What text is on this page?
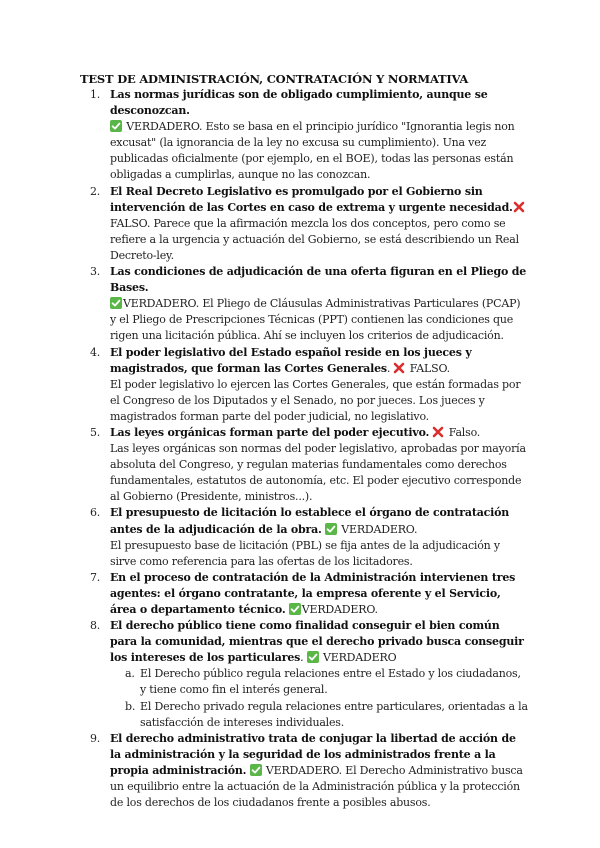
TEST DE ADMINISTRACIÓN, CONTRATACIÓN Y NORMATIVA
1. Las normas jurídicas son de obligado cumplimiento, aunque se desconozcan.
VERDADERO. Esto se basa en el principio jurídico "Ignorantia legis non excusat" (la ignorancia de la ley no excusa su cumplimiento). Una vez publicadas oficialmente (por ejemplo, en el BOE), todas las personas están obligadas a cumplirlas, aunque no las conozcan.
2. El Real Decreto Legislativo es promulgado por el Gobierno sin intervención de las Cortes en caso de extrema y urgente necesidad. FALSO. Parece que la afirmación mezcla los dos conceptos, pero como se refiere a la urgencia y actuación del Gobierno, se está describiendo un Real Decreto-ley.
3. Las condiciones de adjudicación de una oferta figuran en el Pliego de Bases.
VERDADERO. El Pliego de Cláusulas Administrativas Particulares (PCAP) y el Pliego de Prescripciones Técnicas (PPT) contienen las condiciones que rigen una licitación pública. Ahí se incluyen los criterios de adjudicación.
4. El poder legislativo del Estado español reside en los jueces y magistrados, que forman las Cortes Generales.  FALSO.
El poder legislativo lo ejercen las Cortes Generales, que están formadas por el Congreso de los Diputados y el Senado, no por jueces. Los jueces y magistrados forman parte del poder judicial, no legislativo.
5. Las leyes orgánicas forman parte del poder ejecutivo. Falso.
Las leyes orgánicas son normas del poder legislativo, aprobadas por mayoría absoluta del Congreso, y regulan materias fundamentales como derechos fundamentales, estatutos de autonomía, etc. El poder ejecutivo corresponde al Gobierno (Presidente, ministros...).
6. El presupuesto de licitación lo establece el órgano de contratación antes de la adjudicación de la obra. VERDADERO.
El presupuesto base de licitación (PBL) se fija antes de la adjudicación y sirve como referencia para las ofertas de los licitadores.
7. En el proceso de contratación de la Administración intervienen tres agentes: el órgano contratante, la empresa oferente y el Servicio, área o departamento técnico. VERDADERO.
8. El derecho público tiene como finalidad conseguir el bien común para la comunidad, mientras que el derecho privado busca conseguir los intereses de los particulares.  VERDADERO
a. El Derecho público regula relaciones entre el Estado y los ciudadanos, y tiene como fin el interés general.
b. El Derecho privado regula relaciones entre particulares, orientadas a la satisfacción de intereses individuales.
9. El derecho administrativo trata de conjugar la libertad de acción de la administración y la seguridad de los administrados frente a la propia administración. VERDADERO. El Derecho Administrativo busca un equilibrio entre la actuación de la Administración pública y la protección de los derechos de los ciudadanos frente a posibles abusos.
